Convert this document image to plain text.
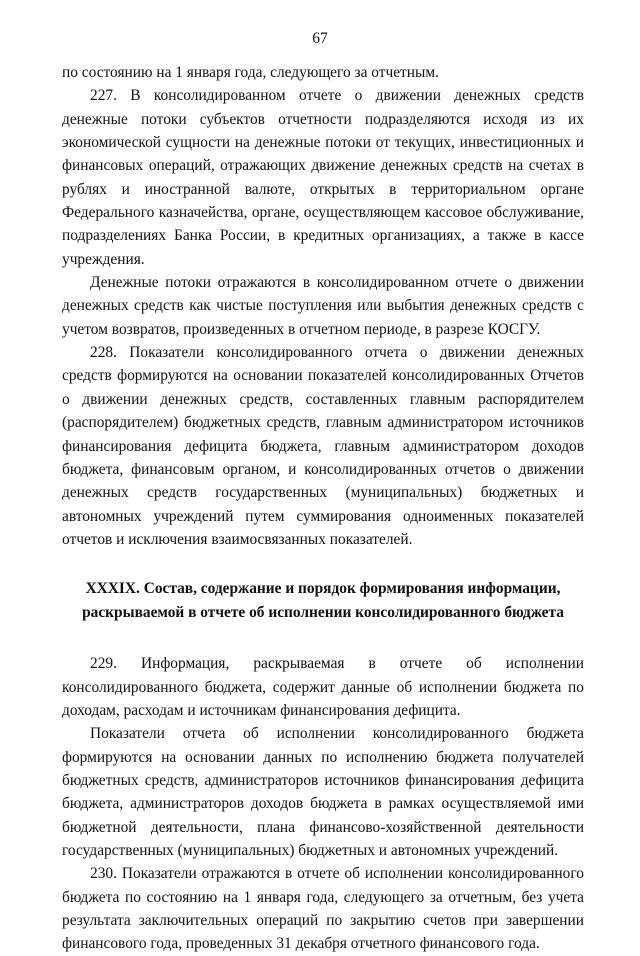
67

по состоянию на 1 января года, следующего за отчетным.

227. В консолидированном отчете о движении денежных средств денежные потоки субъектов отчетности подразделяются исходя из их экономической сущности на денежные потоки от текущих, инвестиционных и финансовых операций, отражающих движение денежных средств на счетах в рублях и иностранной валюте, открытых в территориальном органе Федерального казначейства, органе, осуществляющем кассовое обслуживание, подразделениях Банка России, в кредитных организациях, а также в кассе учреждения.

Денежные потоки отражаются в консолидированном отчете о движении денежных средств как чистые поступления или выбытия денежных средств с учетом возвратов, произведенных в отчетном периоде, в разрезе КОСГУ.

228. Показатели консолидированного отчета о движении денежных средств формируются на основании показателей консолидированных Отчетов о движении денежных средств, составленных главным распорядителем (распорядителем) бюджетных средств, главным администратором источников финансирования дефицита бюджета, главным администратором доходов бюджета, финансовым органом, и консолидированных отчетов о движении денежных средств государственных (муниципальных) бюджетных и автономных учреждений путем суммирования одноименных показателей отчетов и исключения взаимосвязанных показателей.

XXXIX. Состав, содержание и порядок формирования информации,
раскрываемой в отчете об исполнении консолидированного бюджета

229. Информация, раскрываемая в отчете об исполнении консолидированного бюджета, содержит данные об исполнении бюджета по доходам, расходам и источникам финансирования дефицита.

Показатели отчета об исполнении консолидированного бюджета формируются на основании данных по исполнению бюджета получателей бюджетных средств, администраторов источников финансирования дефицита бюджета, администраторов доходов бюджета в рамках осуществляемой ими бюджетной деятельности, плана финансово-хозяйственной деятельности государственных (муниципальных) бюджетных и автономных учреждений.

230. Показатели отражаются в отчете об исполнении консолидированного бюджета по состоянию на 1 января года, следующего за отчетным, без учета результата заключительных операций по закрытию счетов при завершении финансового года, проведенных 31 декабря отчетного финансового года.
